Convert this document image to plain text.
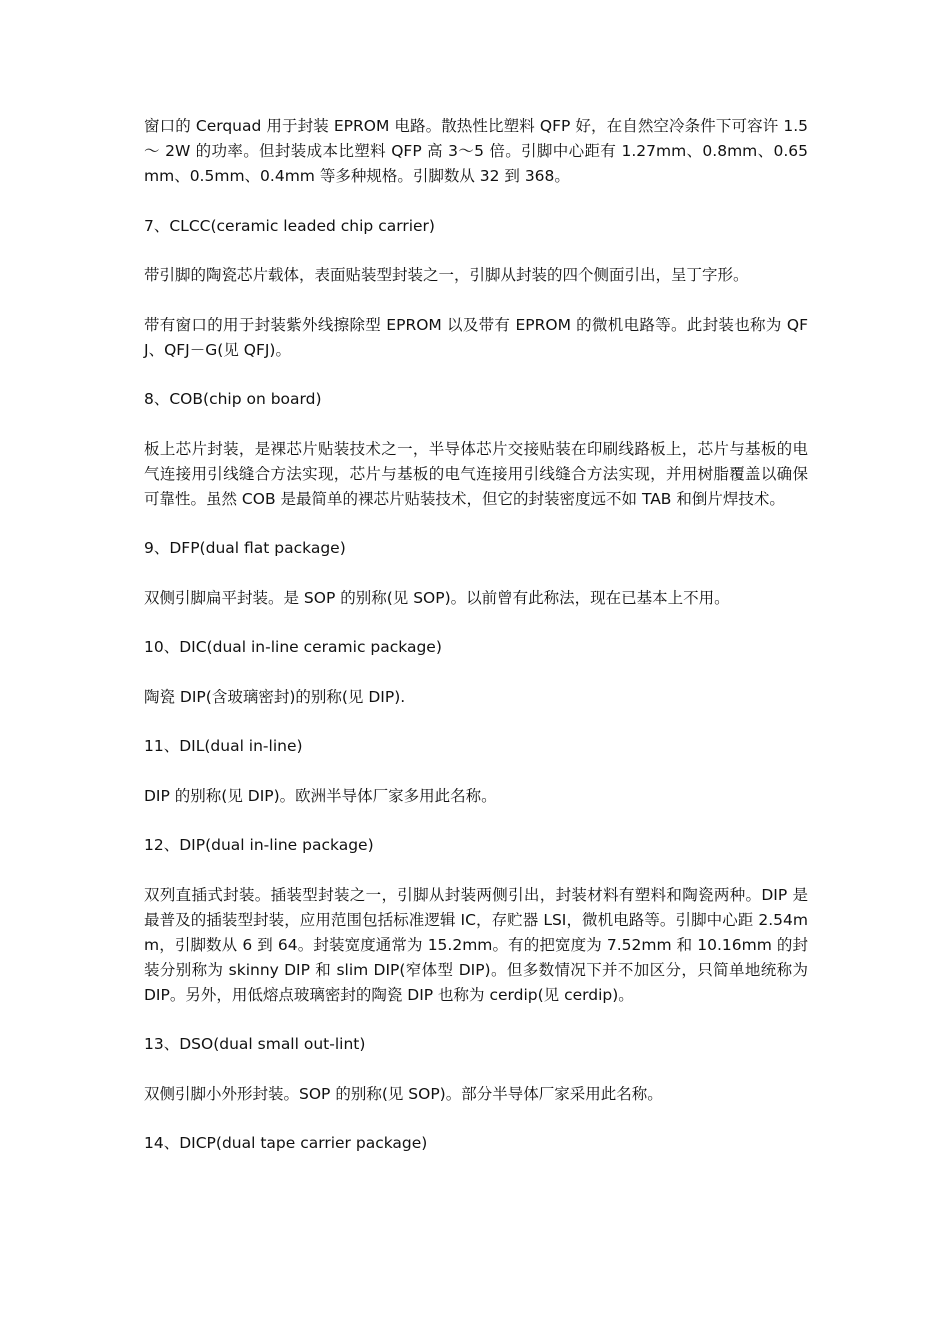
窗口的 Cerquad 用于封装 EPROM 电路。散热性比塑料 QFP 好，在自然空冷条件下可容许 1.5～ 2W 的功率。但封装成本比塑料 QFP 高 3～5 倍。引脚中心距有 1.27mm、0.8mm、0.65mm、0.5mm、0.4mm 等多种规格。引脚数从 32 到 368。

7、CLCC(ceramic leaded chip carrier)

带引脚的陶瓷芯片载体，表面贴装型封装之一，引脚从封装的四个侧面引出，呈丁字形。

带有窗口的用于封装紫外线擦除型 EPROM 以及带有 EPROM 的微机电路等。此封装也称为 QFJ、QFJ－G(见 QFJ)。

8、COB(chip on board)

板上芯片封装，是裸芯片贴装技术之一，半导体芯片交接贴装在印刷线路板上，芯片与基板的电气连接用引线缝合方法实现，芯片与基板的电气连接用引线缝合方法实现，并用树脂覆盖以确保可靠性。虽然 COB 是最简单的裸芯片贴装技术，但它的封装密度远不如 TAB 和倒片焊技术。

9、DFP(dual flat package)

双侧引脚扁平封装。是 SOP 的别称(见 SOP)。以前曾有此称法，现在已基本上不用。

10、DIC(dual in-line ceramic package)

陶瓷 DIP(含玻璃密封)的别称(见 DIP).

11、DIL(dual in-line)

DIP 的别称(见 DIP)。欧洲半导体厂家多用此名称。

12、DIP(dual in-line package)

双列直插式封装。插装型封装之一，引脚从封装两侧引出，封装材料有塑料和陶瓷两种。DIP 是最普及的插装型封装，应用范围包括标准逻辑 IC，存贮器 LSI，微机电路等。引脚中心距 2.54mm，引脚数从 6 到 64。封装宽度通常为 15.2mm。有的把宽度为 7.52mm 和 10.16mm 的封装分别称为 skinny DIP 和 slim DIP(窄体型 DIP)。但多数情况下并不加区分，只简单地统称为 DIP。另外，用低熔点玻璃密封的陶瓷 DIP 也称为 cerdip(见 cerdip)。

13、DSO(dual small out-lint)

双侧引脚小外形封装。SOP 的别称(见 SOP)。部分半导体厂家采用此名称。

14、DICP(dual tape carrier package)
